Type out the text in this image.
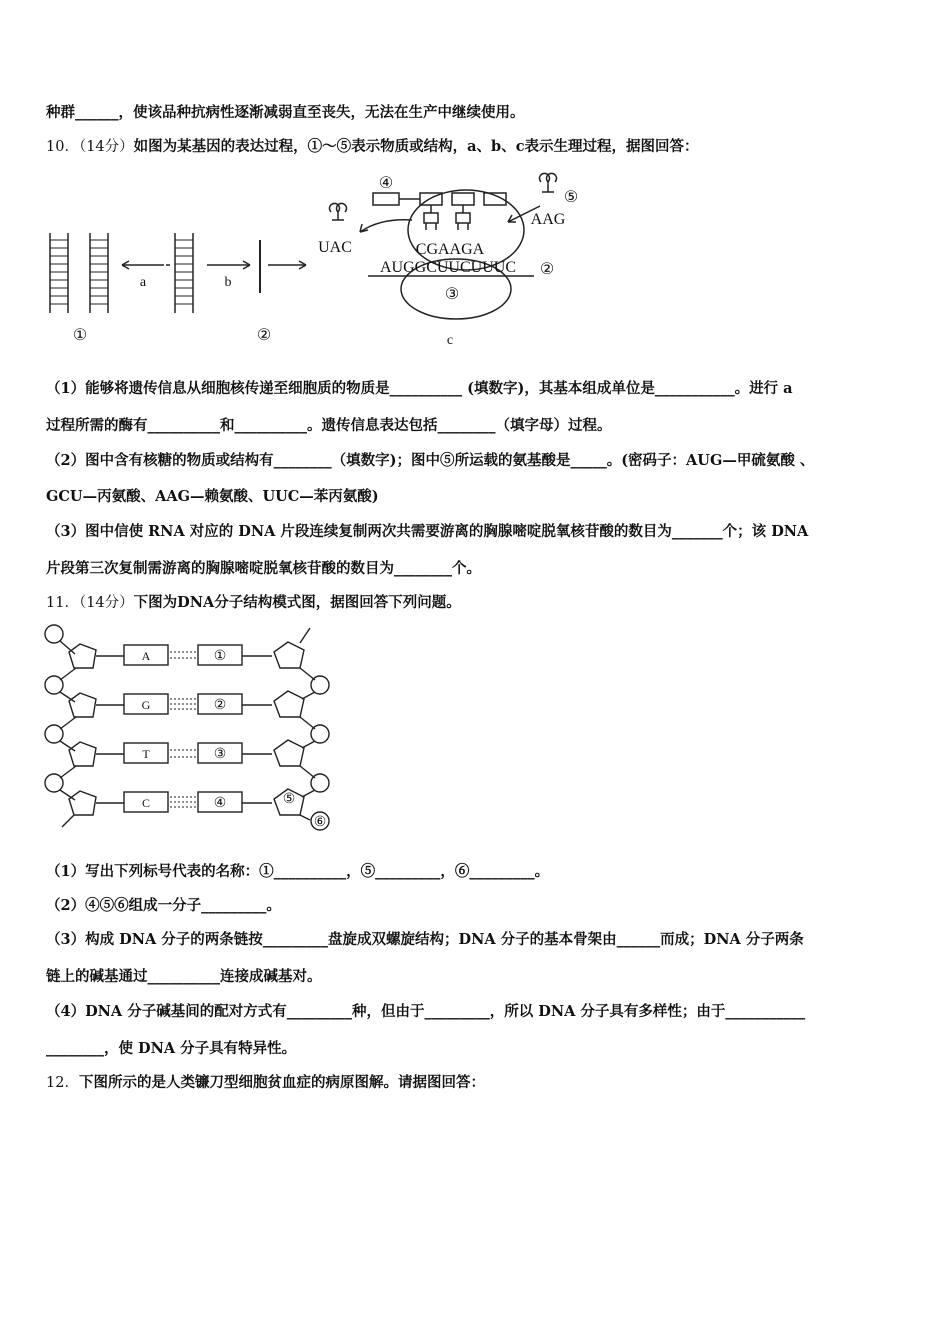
种群______，使该品种抗病性逐渐减弱直至丧失，无法在生产中继续使用。
10．（14分）如图为某基因的表达过程，①～⑤表示物质或结构，a、b、c表示生理过程，据图回答：
①	②
a	b
c
③
④
⑤
②
UAC
AAG
CGAAGA
AUGGCUUCUUUC
（1）能够将遗传信息从细胞核传递至细胞质的物质是__________ (填数字)，其基本组成单位是___________。进行 a
过程所需的酶有__________和__________。遗传信息表达包括________（填字母）过程。
（2）图中含有核糖的物质或结构有________（填数字)；图中⑤所运载的氨基酸是_____。(密码子：AUG—甲硫氨酸 、
GCU—丙氨酸、AAG—赖氨酸、UUC—苯丙氨酸)
（3）图中信使 RNA 对应的 DNA 片段连续复制两次共需要游离的胸腺嘧啶脱氧核苷酸的数目为_______个；该 DNA
片段第三次复制需游离的胸腺嘧啶脱氧核苷酸的数目为________个。
11．（14分）下图为DNA分子结构模式图，据图回答下列问题。
A
G
T
C
①
②
③
④	⑤
⑥
（1）写出下列标号代表的名称：①__________，⑤_________，⑥_________。
（2）④⑤⑥组成一分子_________。
（3）构成 DNA 分子的两条链按_________盘旋成双螺旋结构；DNA 分子的基本骨架由______而成；DNA 分子两条
链上的碱基通过__________连接成碱基对。
（4）DNA 分子碱基间的配对方式有_________种，但由于_________，所以 DNA 分子具有多样性；由于___________
________，使 DNA 分子具有特异性。
12．下图所示的是人类镰刀型细胞贫血症的病原图解。请据图回答：
